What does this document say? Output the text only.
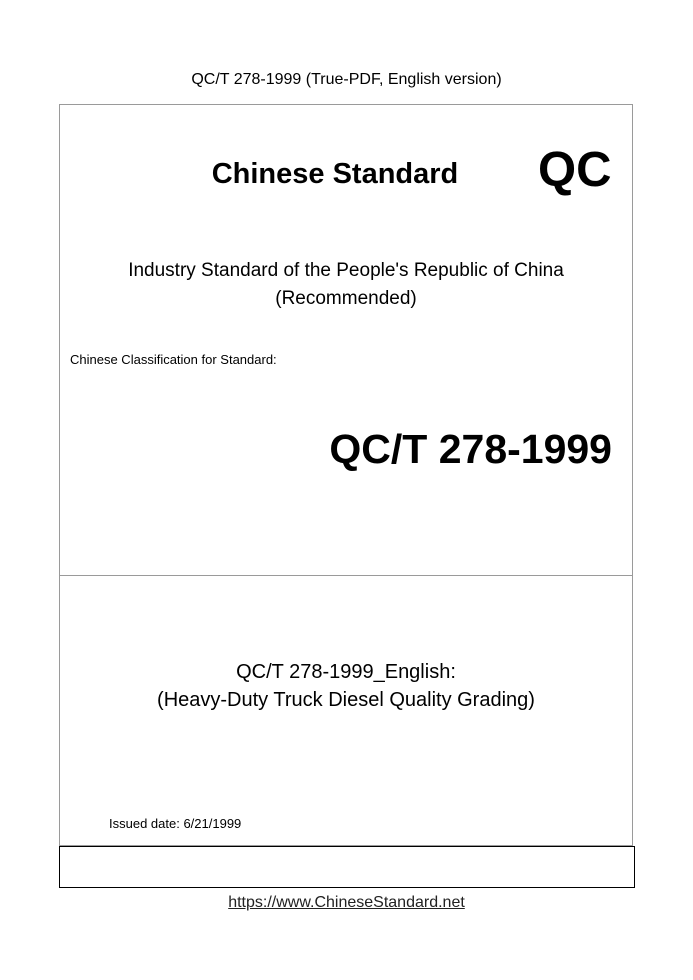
QC/T 278-1999 (True-PDF, English version)
Chinese Standard	QC
Industry Standard of the People's Republic of China
(Recommended)
Chinese Classification for Standard:
QC/T 278-1999
QC/T 278-1999_English:
(Heavy-Duty Truck Diesel Quality Grading)
Issued date: 6/21/1999
https://www.ChineseStandard.net
